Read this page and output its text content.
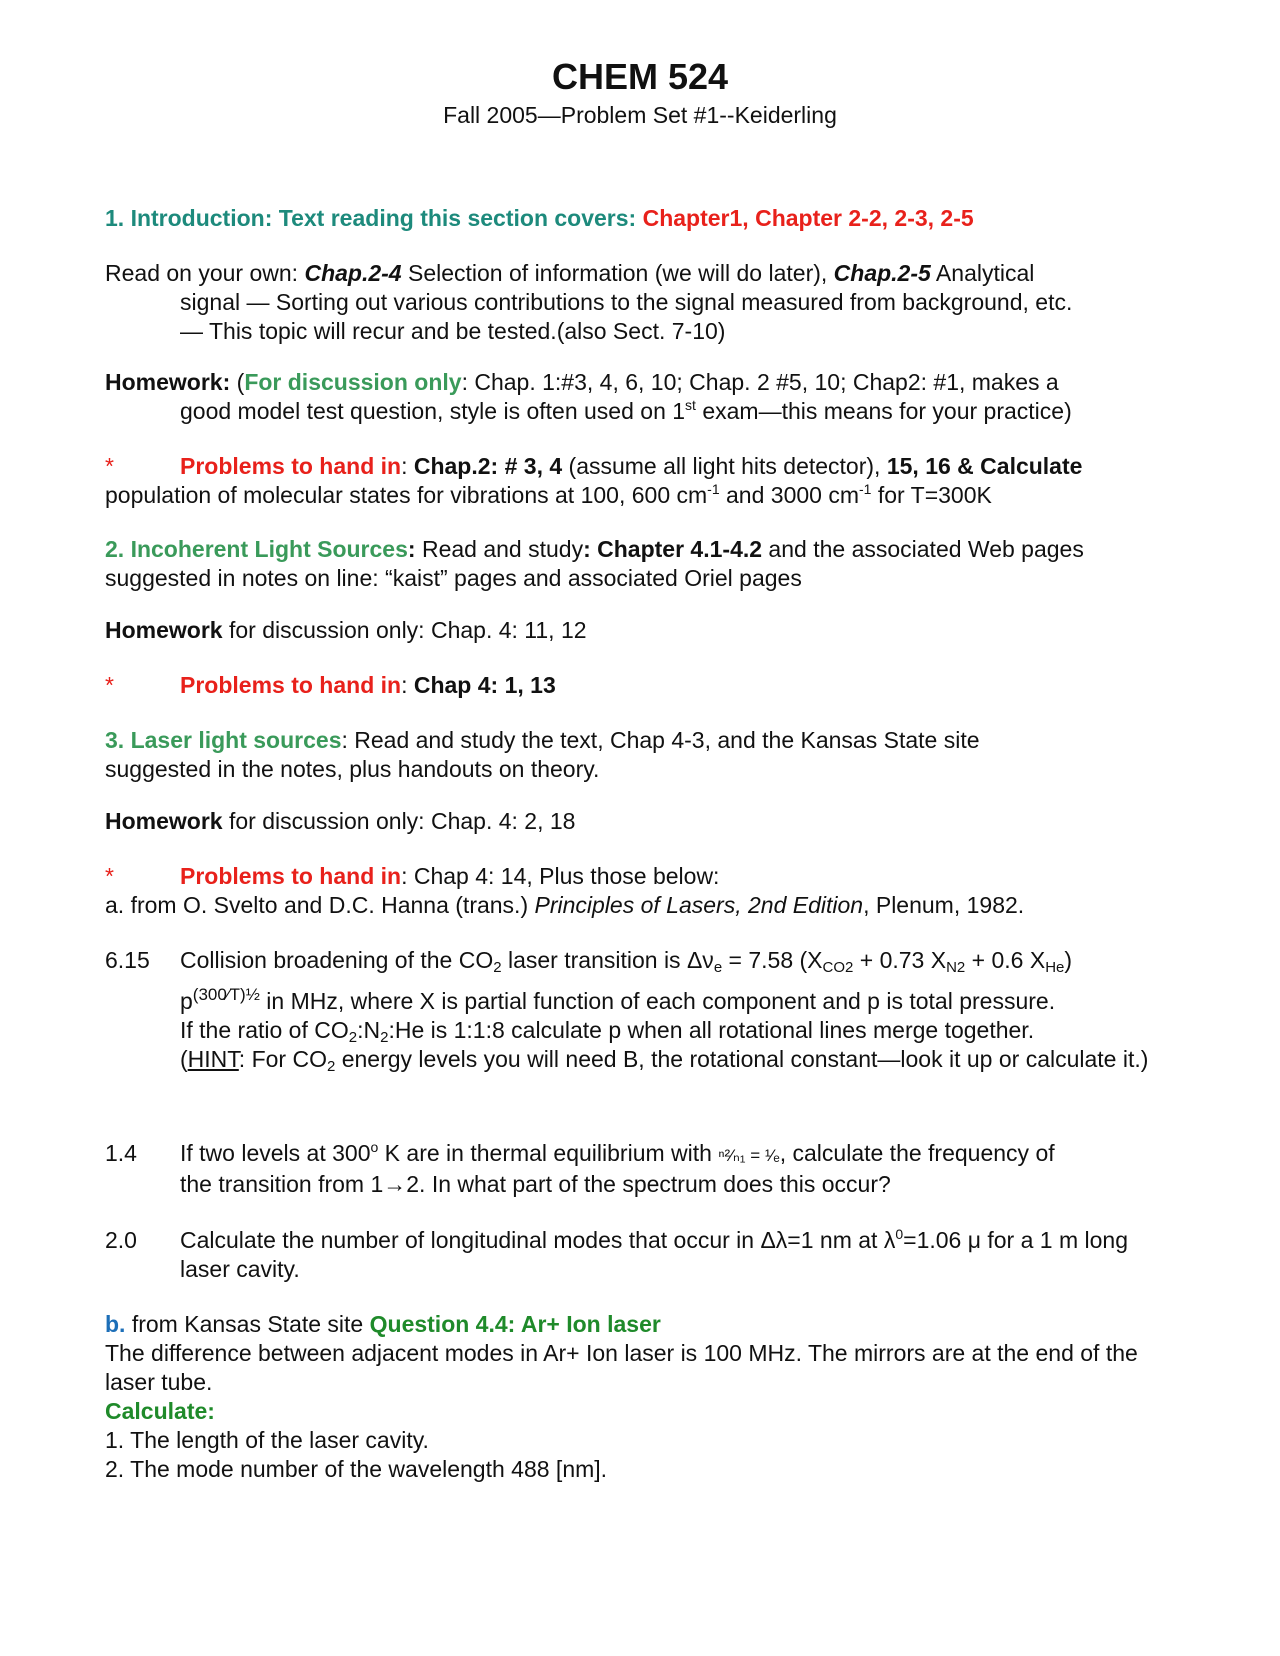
CHEM 524
Fall 2005—Problem Set #1--Keiderling
1. Introduction: Text reading this section covers: Chapter1, Chapter 2-2, 2-3, 2-5
Read on your own: Chap.2-4 Selection of information (we will do later), Chap.2-5 Analytical
signal — Sorting out various contributions to the signal measured from background, etc.
— This topic will recur and be tested.(also Sect. 7-10)
Homework: (For discussion only: Chap. 1:#3, 4, 6, 10; Chap. 2 #5, 10; Chap2: #1, makes a
good model test question, style is often used on 1st exam—this means for your practice)
*	Problems to hand in: Chap.2: # 3, 4 (assume all light hits detector), 15, 16 & Calculate
population of molecular states for vibrations at 100, 600 $cm^{-1}$ and 3000 $cm^{-1}$ for T=300K
2. Incoherent Light Sources: Read and study: Chapter 4.1-4.2 and the associated Web pages
suggested in notes on line: “kaist” pages and associated Oriel pages
Homework for discussion only: Chap. 4: 11, 12
*	Problems to hand in: Chap 4: 1, 13
3. Laser light sources: Read and study the text, Chap 4-3, and the Kansas State site
suggested in the notes, plus handouts on theory.
Homework for discussion only: Chap. 4: 2, 18
*	Problems to hand in: Chap 4: 14, Plus those below:
a. from O. Svelto and D.C. Hanna (trans.) Principles of Lasers, 2nd Edition, Plenum, 1982.
6.15 Collision broadening of the $CO_2$ laser transition is $\Delta\nu_e = 7.58$ ($X_{CO2} + 0.73$ $X_{N2} + 0.6$ $X_{He}$)
$p^{(300⁄T)\frac{1}{2}}$ in MHz, where X is partial function of each component and p is total pressure.
If the ratio of $CO_2:N_2:He$ is 1:1:8 calculate p when all rotational lines merge together.
(HINT: For $CO_2$ energy levels you will need B, the rotational constant—look it up or calculate it.)
1.4 If two levels at 300$^o$ K are in thermal equilibrium with ⁿ²⁄ₙ₁ = ¹⁄ₑ, calculate the frequency of
the transition from 1→2. In what part of the spectrum does this occur?
2.0 Calculate the number of longitudinal modes that occur in Δλ=1 nm at $\lambda^0=1.06$ μ for a 1 m long laser cavity.
b. from Kansas State site Question 4.4: Ar+ Ion laser
The difference between adjacent modes in Ar+ Ion laser is 100 MHz. The mirrors are at the end of the laser tube.
Calculate:
1. The length of the laser cavity.
2. The mode number of the wavelength 488 [nm].
